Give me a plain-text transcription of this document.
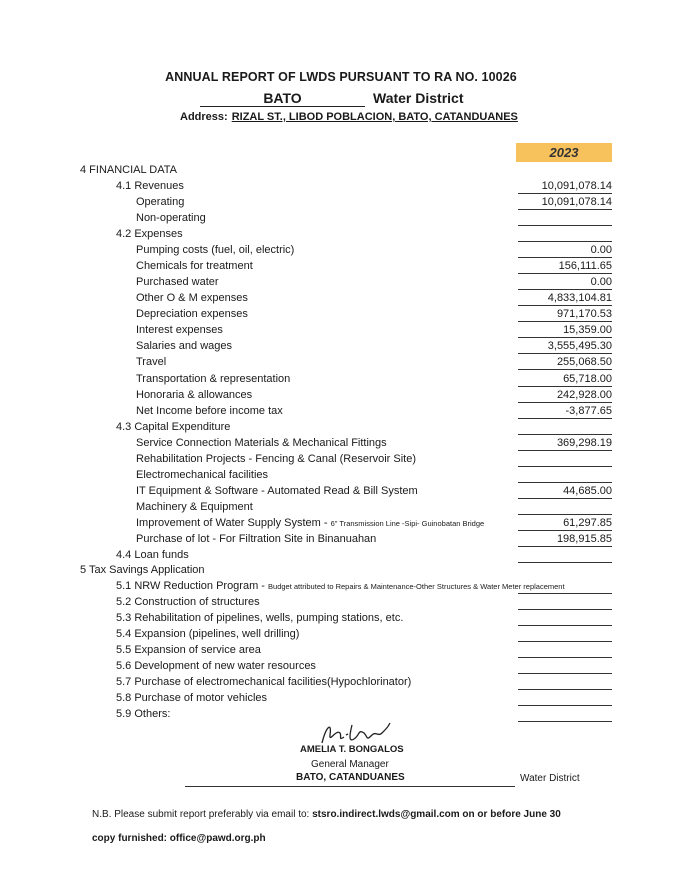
ANNUAL REPORT OF LWDS PURSUANT TO RA NO. 10026
BATO	Water District
Address: RIZAL ST., LIBOD POBLACION, BATO, CATANDUANES
2023
4 FINANCIAL DATA
4.1 Revenues	10,091,078.14
Operating	10,091,078.14
Non-operating
4.2 Expenses
Pumping costs (fuel, oil, electric)	0.00
Chemicals for treatment	156,111.65
Purchased water	0.00
Other O & M expenses	4,833,104.81
Depreciation expenses	971,170.53
Interest expenses	15,359.00
Salaries and wages	3,555,495.30
Travel	255,068.50
Transportation & representation	65,718.00
Honoraria & allowances	242,928.00
Net Income before income tax	-3,877.65
4.3 Capital Expenditure
Service Connection Materials & Mechanical Fittings	369,298.19
Rehabilitation Projects - Fencing & Canal (Reservoir Site)
Electromechanical facilities
IT Equipment & Software - Automated Read & Bill System	44,685.00
Machinery & Equipment
Improvement of Water Supply System - 6" Transmission Line -Sipi- Guinobatan Bridge	61,297.85
Purchase of lot - For Filtration Site in Binanuahan	198,915.85
4.4 Loan funds
5 Tax Savings Application
5.1 NRW Reduction Program - Budget attributed to Repairs & Maintenance-Other Structures & Water Meter replacement
5.2 Construction of structures
5.3 Rehabilitation of pipelines, wells, pumping stations, etc.
5.4 Expansion (pipelines, well drilling)
5.5 Expansion of service area
5.6 Development of new water resources
5.7 Purchase of electromechanical facilities(Hypochlorinator)
5.8 Purchase of motor vehicles
5.9 Others:
AMELIA T. BONGALOS
General Manager
BATO, CATANDUANES	Water District
N.B. Please submit report preferably via email to: stsro.indirect.lwds@gmail.com on or before June 30
copy furnished: office@pawd.org.ph
